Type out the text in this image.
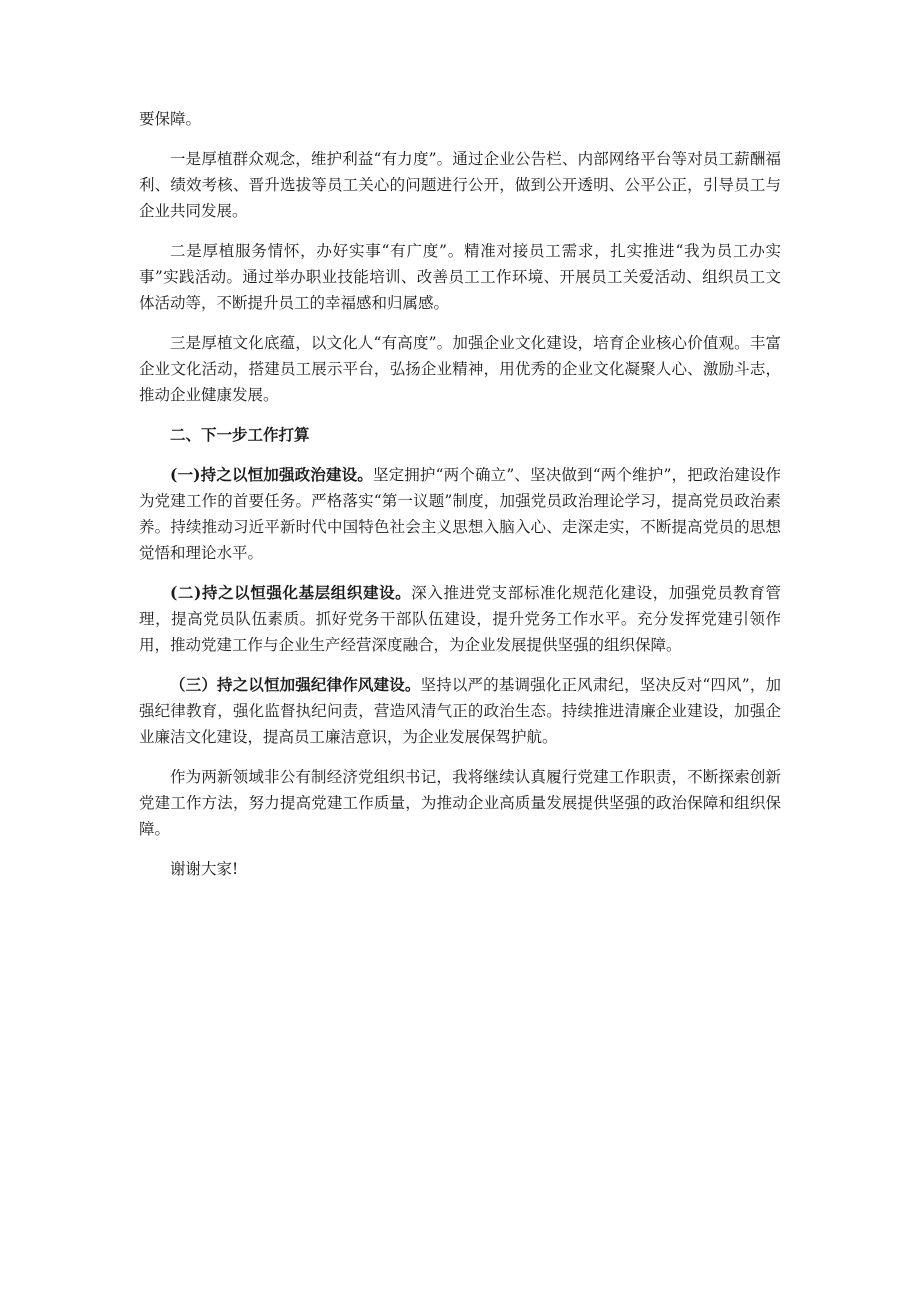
要保障。

一是厚植群众观念，维护利益“有力度”。通过企业公告栏、内部网络平台等对员工薪酬福利、绩效考核、晋升选拔等员工关心的问题进行公开，做到公开透明、公平公正，引导员工与企业共同发展。

二是厚植服务情怀，办好实事“有广度”。精准对接员工需求，扎实推进“我为员工办实事”实践活动。通过举办职业技能培训、改善员工工作环境、开展员工关爱活动、组织员工文体活动等，不断提升员工的幸福感和归属感。

三是厚植文化底蕴，以文化人“有高度”。加强企业文化建设，培育企业核心价值观。丰富企业文化活动，搭建员工展示平台，弘扬企业精神，用优秀的企业文化凝聚人心、激励斗志，推动企业健康发展。

二、下一步工作打算

(一)持之以恒加强政治建设。坚定拥护“两个确立”、坚决做到“两个维护”，把政治建设作为党建工作的首要任务。严格落实“第一议题”制度，加强党员政治理论学习，提高党员政治素养。持续推动习近平新时代中国特色社会主义思想入脑入心、走深走实，不断提高党员的思想觉悟和理论水平。

(二)持之以恒强化基层组织建设。深入推进党支部标准化规范化建设，加强党员教育管理，提高党员队伍素质。抓好党务干部队伍建设，提升党务工作水平。充分发挥党建引领作用，推动党建工作与企业生产经营深度融合，为企业发展提供坚强的组织保障。

（三）持之以恒加强纪律作风建设。坚持以严的基调强化正风肃纪，坚决反对“四风”，加强纪律教育，强化监督执纪问责，营造风清气正的政治生态。持续推进清廉企业建设，加强企业廉洁文化建设，提高员工廉洁意识，为企业发展保驾护航。

作为两新领域非公有制经济党组织书记，我将继续认真履行党建工作职责，不断探索创新党建工作方法，努力提高党建工作质量，为推动企业高质量发展提供坚强的政治保障和组织保障。

谢谢大家!
